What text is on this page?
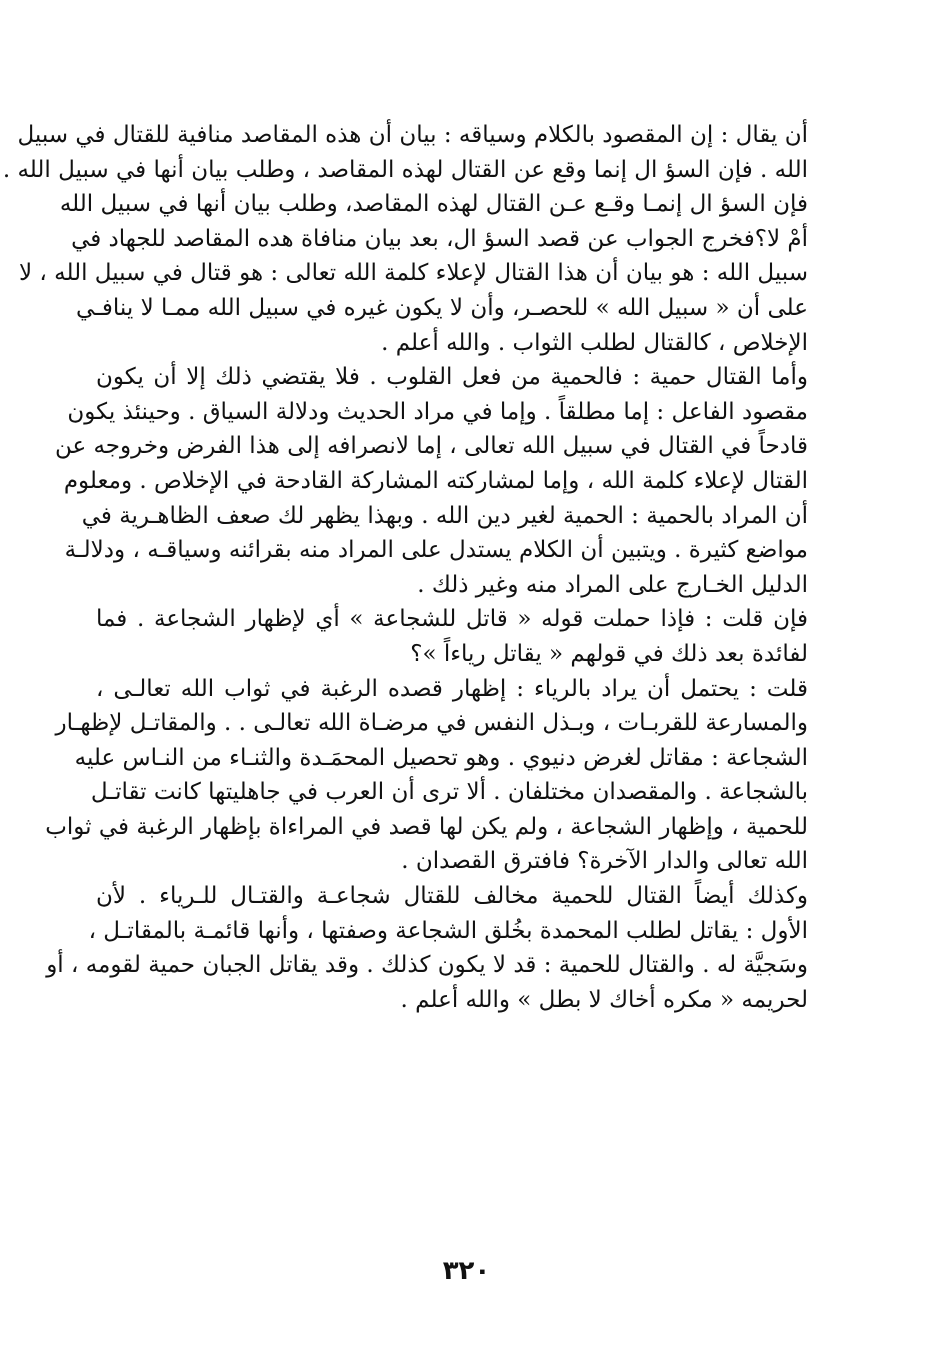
أن يقال : إن المقصود بالكلام وسياقه : بيان أن هذه المقاصد منافية للقتال في سبيل
الله . فإن السؤ ال إنما وقع عن القتال لهذه المقاصد ، وطلب بيان أنها في سبيل الله .
فإن السؤ ال إنمـا وقـع عـن القتال لهذه المقاصد، وطلب بيان أنها في سبيل الله
أمْ لا؟فخرج الجواب عن قصد السؤ ال، بعد بيان منافاة هده المقاصد للجهاد في
سبيل الله : هو بيان أن هذا القتال لإعلاء كلمة الله تعالى : هو قتال في سبيل الله ، لا
على أن « سبيل الله » للحصـر، وأن لا يكون غيره في سبيل الله ممـا لا ينافـي
الإخلاص ، كالقتال لطلب الثواب . والله أعلم .
وأما القتال حمية : فالحمية من فعل القلوب . فلا يقتضي ذلك إلا أن يكون
مقصود الفاعل : إما مطلقاً . وإما في مراد الحديث ودلالة السياق . وحينئذ يكون
قادحاً في القتال في سبيل الله تعالى ، إما لانصرافه إلى هذا الفرض وخروجه عن
القتال لإعلاء كلمة الله ، وإما لمشاركته المشاركة القادحة في الإخلاص . ومعلوم
أن المراد بالحمية : الحمية لغير دين الله . وبهذا يظهر لك صعف الظاهـرية في
مواضع كثيرة . ويتبين أن الكلام يستدل على المراد منه بقرائنه وسياقـه ، ودلالـة
الدليل الخـارج على المراد منه وغير ذلك .
فإن قلت : فإذا حملت قوله « قاتل للشجاعة » أي لإظهار الشجاعة . فما
لفائدة بعد ذلك في قولهم « يقاتل رياءاً »؟
قلت : يحتمل أن يراد بالرياء : إظهار قصده الرغبة في ثواب الله تعالـى ،
والمسارعة للقربـات ، وبـذل النفس في مرضـاة الله تعالـى . . والمقاتـل لإظهـار
الشجاعة : مقاتل لغرض دنيوي . وهو تحصيل المحمَـدة والثنـاء من النـاس عليه
بالشجاعة . والمقصدان مختلفان . ألا ترى أن العرب في جاهليتها كانت تقاتـل
للحمية ، وإظهار الشجاعة ، ولم يكن لها قصد في المراءاة بإظهار الرغبة في ثواب
الله تعالى والدار الآخرة؟ فافترق القصدان .
وكذلك أيضاً القتال للحمية مخالف للقتال شجاعـة والقتـال للـرياء . لأن
الأول : يقاتل لطلب المحمدة بخُلق الشجاعة وصفتها ، وأنها قائمـة بالمقاتـل ،
وسَجيَّة له . والقتال للحمية : قد لا يكون كذلك . وقد يقاتل الجبان حمية لقومه ، أو
لحريمه « مكره أخاك لا بطل » والله أعلم .
٣٢٠
